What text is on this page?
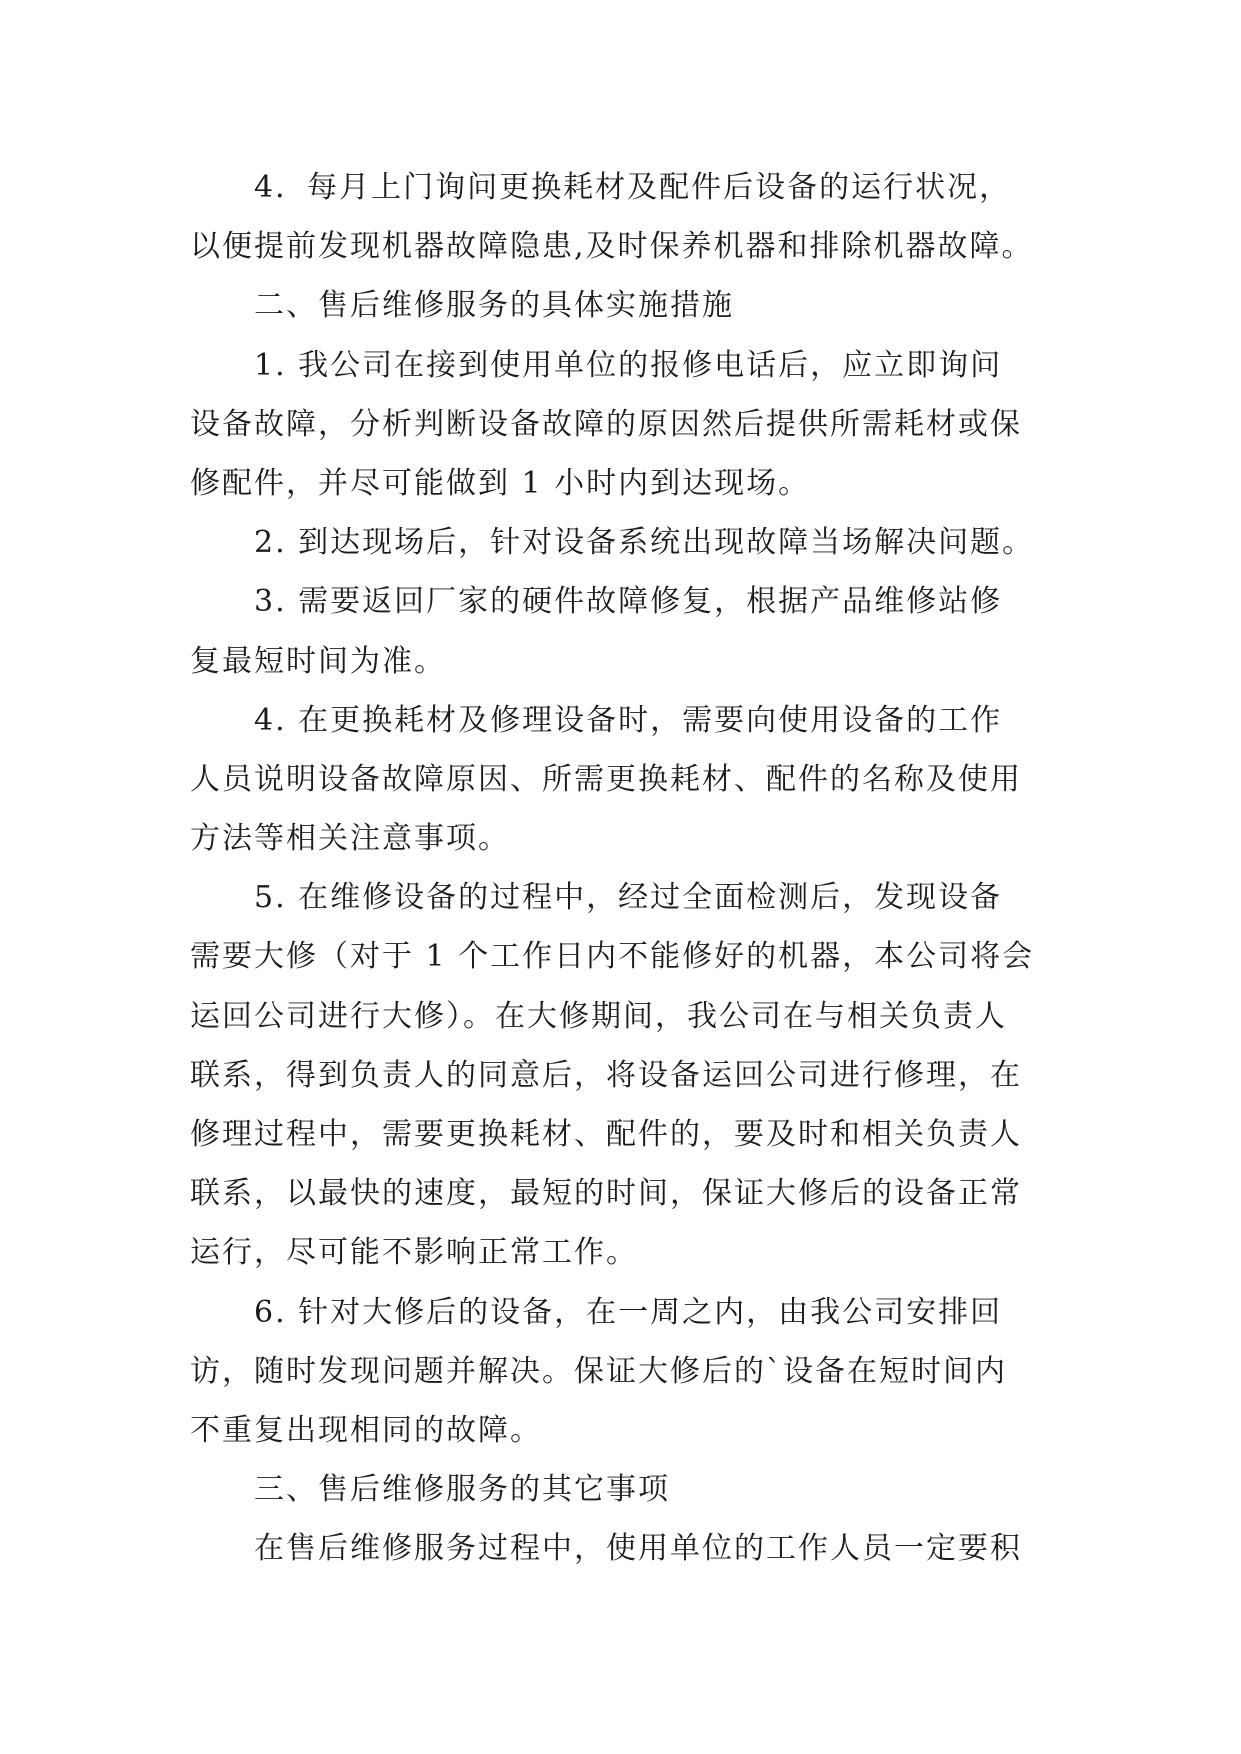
4．每月上门询问更换耗材及配件后设备的运行状况，
以便提前发现机器故障隐患,及时保养机器和排除机器故障。
二、售后维修服务的具体实施措施
1. 我公司在接到使用单位的报修电话后，应立即询问
设备故障，分析判断设备故障的原因然后提供所需耗材或保
修配件，并尽可能做到 1 小时内到达现场。
2. 到达现场后，针对设备系统出现故障当场解决问题。
3. 需要返回厂家的硬件故障修复，根据产品维修站修
复最短时间为准。
4. 在更换耗材及修理设备时，需要向使用设备的工作
人员说明设备故障原因、所需更换耗材、配件的名称及使用
方法等相关注意事项。
5. 在维修设备的过程中，经过全面检测后，发现设备
需要大修（对于 1 个工作日内不能修好的机器，本公司将会
运回公司进行大修）。在大修期间，我公司在与相关负责人
联系，得到负责人的同意后，将设备运回公司进行修理，在
修理过程中，需要更换耗材、配件的，要及时和相关负责人
联系，以最快的速度，最短的时间，保证大修后的设备正常
运行，尽可能不影响正常工作。
6. 针对大修后的设备，在一周之内，由我公司安排回
访，随时发现问题并解决。保证大修后的`设备在短时间内
不重复出现相同的故障。
三、售后维修服务的其它事项
在售后维修服务过程中，使用单位的工作人员一定要积
